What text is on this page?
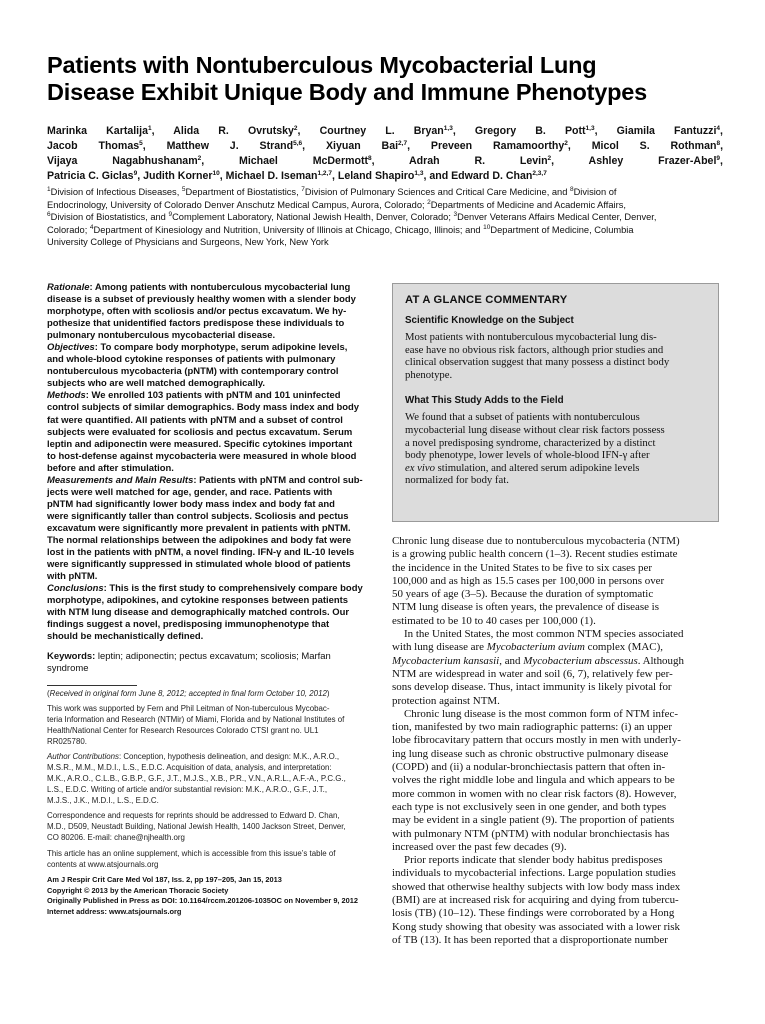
Patients with Nontuberculous Mycobacterial Lung
Disease Exhibit Unique Body and Immune Phenotypes
Marinka Kartalija$^1$, Alida R. Ovrutsky$^2$, Courtney L. Bryan$^{1,3}$, Gregory B. Pott$^{1,3}$, Giamila Fantuzzi$^4$,
Jacob Thomas$^5$, Matthew J. Strand$^{5,6}$, Xiyuan Bai$^{2,7}$, Preveen Ramamoorthy$^2$, Micol S. Rothman$^8$,
Vijaya Nagabhushanam$^2$, Michael McDermott$^8$, Adrah R. Levin$^2$, Ashley Frazer-Abel$^9$,
Patricia C. Giclas$^9$, Judith Korner$^{10}$, Michael D. Iseman$^{1,2,7}$, Leland Shapiro$^{1,3}$, and Edward D. Chan$^{2,3,7}$
$^1$Division of Infectious Diseases, $^5$Department of Biostatistics, $^7$Division of Pulmonary Sciences and Critical Care Medicine, and $^8$Division of
Endocrinology, University of Colorado Denver Anschutz Medical Campus, Aurora, Colorado; $^2$Departments of Medicine and Academic Affairs,
$^6$Division of Biostatistics, and $^9$Complement Laboratory, National Jewish Health, Denver, Colorado; $^3$Denver Veterans Affairs Medical Center, Denver,
Colorado; $^4$Department of Kinesiology and Nutrition, University of Illinois at Chicago, Chicago, Illinois; and $^{10}$Department of Medicine, Columbia
University College of Physicians and Surgeons, New York, New York
Rationale: Among patients with nontuberculous mycobacterial lung
disease is a subset of previously healthy women with a slender body
morphotype, often with scoliosis and/or pectus excavatum. We hy-
pothesize that unidentified factors predispose these individuals to
pulmonary nontuberculous mycobacterial disease.
Objectives: To compare body morphotype, serum adipokine levels,
and whole-blood cytokine responses of patients with pulmonary
nontuberculous mycobacteria (pNTM) with contemporary control
subjects who are well matched demographically.
Methods: We enrolled 103 patients with pNTM and 101 uninfected
control subjects of similar demographics. Body mass index and body
fat were quantified. All patients with pNTM and a subset of control
subjects were evaluated for scoliosis and pectus excavatum. Serum
leptin and adiponectin were measured. Specific cytokines important
to host-defense against mycobacteria were measured in whole blood
before and after stimulation.
Measurements and Main Results: Patients with pNTM and control sub-
jects were well matched for age, gender, and race. Patients with
pNTM had significantly lower body mass index and body fat and
were significantly taller than control subjects. Scoliosis and pectus
excavatum were significantly more prevalent in patients with pNTM.
The normal relationships between the adipokines and body fat were
lost in the patients with pNTM, a novel finding. IFN-γ and IL-10 levels
were significantly suppressed in stimulated whole blood of patients
with pNTM.
Conclusions: This is the first study to comprehensively compare body
morphotype, adipokines, and cytokine responses between patients
with NTM lung disease and demographically matched controls. Our
findings suggest a novel, predisposing immunophenotype that
should be mechanistically defined.
Keywords: leptin; adiponectin; pectus excavatum; scoliosis; Marfan
syndrome
(Received in original form June 8, 2012; accepted in final form October 10, 2012)
This work was supported by Fern and Phil Leitman of Non-tuberculous Mycobac-
teria Information and Research (NTMir) of Miami, Florida and by National Institutes of
Health/National Center for Research Resources Colorado CTSI grant no. UL1
RR025780.
Author Contributions: Conception, hypothesis delineation, and design: M.K., A.R.O.,
M.S.R., M.M., M.D.I., L.S., E.D.C. Acquisition of data, analysis, and interpretation:
M.K., A.R.O., C.L.B., G.B.P., G.F., J.T., M.J.S., X.B., P.R., V.N., A.R.L., A.F.-A., P.C.G.,
L.S., E.D.C. Writing of article and/or substantial revision: M.K., A.R.O., G.F., J.T.,
M.J.S., J.K., M.D.I., L.S., E.D.C.
Correspondence and requests for reprints should be addressed to Edward D. Chan,
M.D., D509, Neustadt Building, National Jewish Health, 1400 Jackson Street, Denver,
CO 80206. E-mail: chane@njhealth.org
This article has an online supplement, which is accessible from this issue’s table of
contents at www.atsjournals.org
Am J Respir Crit Care Med Vol 187, Iss. 2, pp 197–205, Jan 15, 2013
Copyright © 2013 by the American Thoracic Society
Originally Published in Press as DOI: 10.1164/rccm.201206-1035OC on November 9, 2012
Internet address: www.atsjournals.org
AT A GLANCE COMMENTARY
Scientific Knowledge on the Subject
Most patients with nontuberculous mycobacterial lung dis-
ease have no obvious risk factors, although prior studies and
clinical observation suggest that many possess a distinct body
phenotype.
What This Study Adds to the Field
We found that a subset of patients with nontuberculous
mycobacterial lung disease without clear risk factors possess
a novel predisposing syndrome, characterized by a distinct
body phenotype, lower levels of whole-blood IFN-γ after
ex vivo stimulation, and altered serum adipokine levels
normalized for body fat.
Chronic lung disease due to nontuberculous mycobacteria (NTM)
is a growing public health concern (1–3). Recent studies estimate
the incidence in the United States to be five to six cases per
100,000 and as high as 15.5 cases per 100,000 in persons over
50 years of age (3–5). Because the duration of symptomatic
NTM lung disease is often years, the prevalence of disease is
estimated to be 10 to 40 cases per 100,000 (1).
In the United States, the most common NTM species associated
with lung disease are Mycobacterium avium complex (MAC),
Mycobacterium kansasii, and Mycobacterium abscessus. Although
NTM are widespread in water and soil (6, 7), relatively few per-
sons develop disease. Thus, intact immunity is likely pivotal for
protection against NTM.
Chronic lung disease is the most common form of NTM infec-
tion, manifested by two main radiographic patterns: (i) an upper
lobe fibrocavitary pattern that occurs mostly in men with underly-
ing lung disease such as chronic obstructive pulmonary disease
(COPD) and (ii) a nodular-bronchiectasis pattern that often in-
volves the right middle lobe and lingula and which appears to be
more common in women with no clear risk factors (8). However,
each type is not exclusively seen in one gender, and both types
may be evident in a single patient (9). The proportion of patients
with pulmonary NTM (pNTM) with nodular bronchiectasis has
increased over the past few decades (9).
Prior reports indicate that slender body habitus predisposes
individuals to mycobacterial infections. Large population studies
showed that otherwise healthy subjects with low body mass index
(BMI) are at increased risk for acquiring and dying from tubercu-
losis (TB) (10–12). These findings were corroborated by a Hong
Kong study showing that obesity was associated with a lower risk
of TB (13). It has been reported that a disproportionate number
